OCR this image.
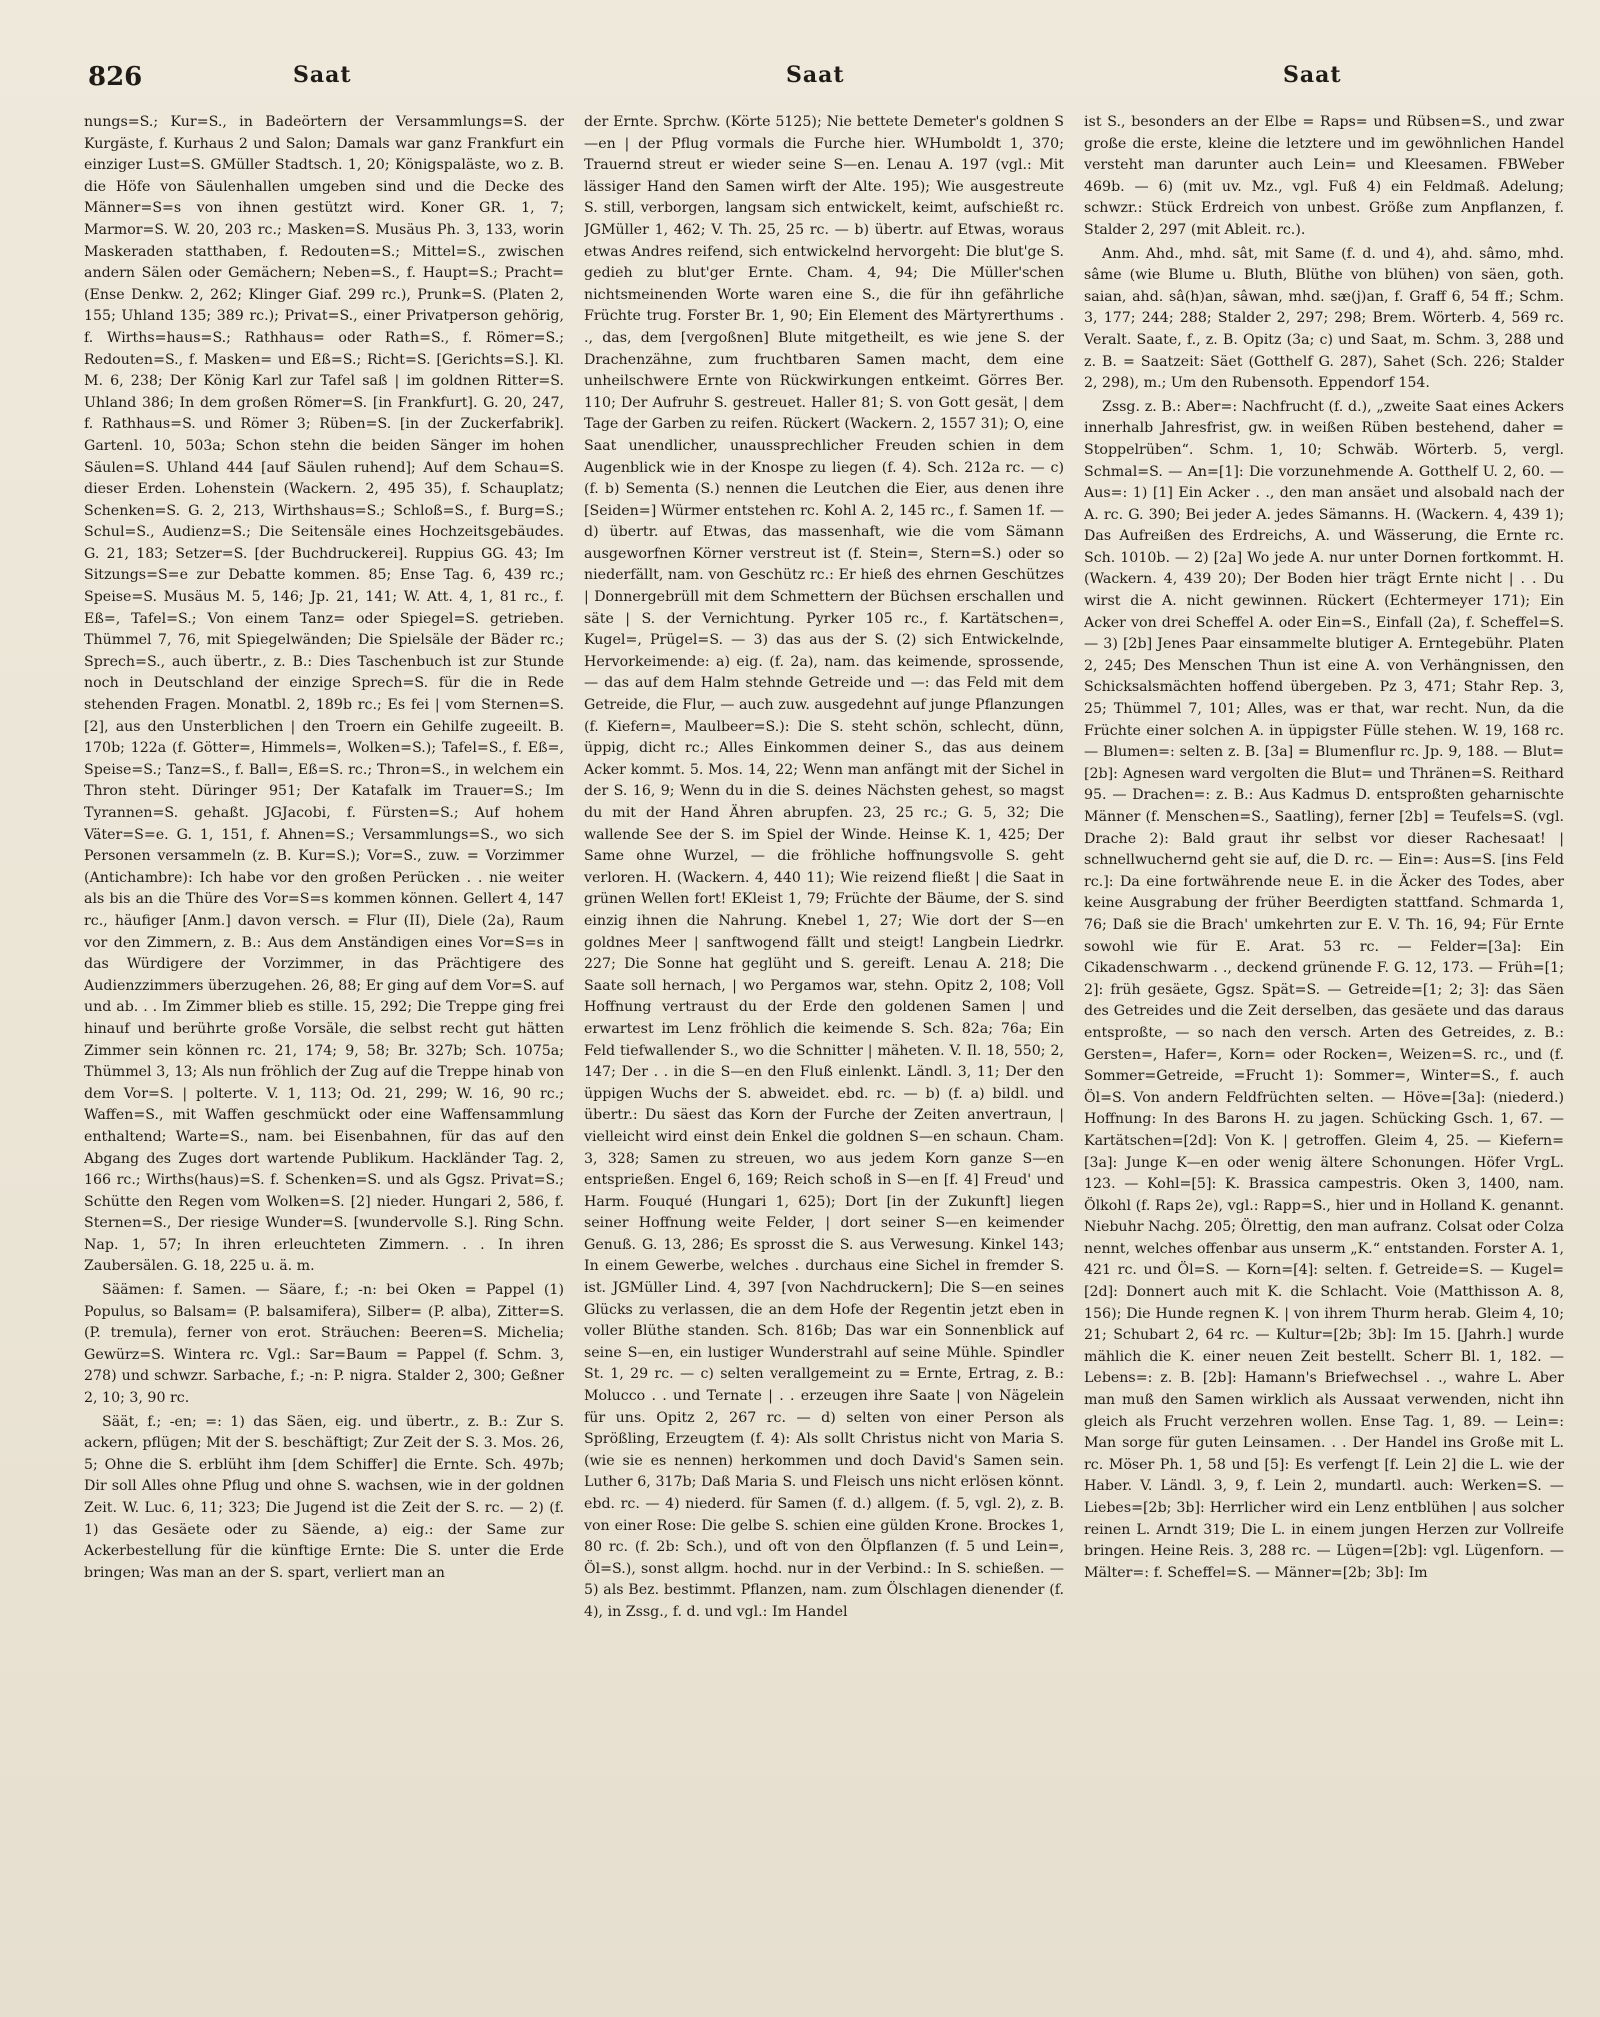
826	Saat	Saat	Saat

nungs=S.; Kur=S., in Badeörtern der Versammlungs=S. der Kurgäste, f. Kurhaus 2 und Salon; Damals war ganz Frankfurt ein einziger Lust=S. GMüller Stadtsch. 1, 20; Königspaläste, wo z. B. die Höfe von Säulenhallen umgeben sind und die Decke des Männer=S=s von ihnen gestützt wird. Koner GR. 1, 7; Marmor=S. W. 20, 203 rc.; Masken=S. Musäus Ph. 3, 133, worin Maskeraden statthaben, f. Redouten=S.; Mittel=S., zwischen andern Sälen oder Gemächern; Neben=S., f. Haupt=S.; Pracht=(Ense Denkw. 2, 262; Klinger Giaf. 299 rc.), Prunk=S. (Platen 2, 155; Uhland 135; 389 rc.); Privat=S., einer Privatperson gehörig, f. Wirths=haus=S.; Rathhaus= oder Rath=S., f. Römer=S.; Redouten=S., f. Masken= und Eß=S.; Richt=S. [Gerichts=S.]. Kl. M. 6, 238; Der König Karl zur Tafel saß | im goldnen Ritter=S. Uhland 386; In dem großen Römer=S. [in Frankfurt]. G. 20, 247, f. Rathhaus=S. und Römer 3; Rüben=S. [in der Zuckerfabrik]. Gartenl. 10, 503a; Schon stehn die beiden Sänger im hohen Säulen=S. Uhland 444 [auf Säulen ruhend]; Auf dem Schau=S. dieser Erden. Lohenstein (Wackern. 2, 495 35), f. Schauplatz; Schenken=S. G. 2, 213, Wirthshaus=S.; Schloß=S., f. Burg=S.; Schul=S., Audienz=S.; Die Seitensäle eines Hochzeitsgebäudes. G. 21, 183; Setzer=S. [der Buchdruckerei]. Ruppius GG. 43; Im Sitzungs=S=e zur Debatte kommen. 85; Ense Tag. 6, 439 rc.; Speise=S. Musäus M. 5, 146; Jp. 21, 141; W. Att. 4, 1, 81 rc., f. Eß=, Tafel=S.; Von einem Tanz= oder Spiegel=S. getrieben. Thümmel 7, 76, mit Spiegelwänden; Die Spielsäle der Bäder rc.; Sprech=S., auch übertr., z. B.: Dies Taschenbuch ist zur Stunde noch in Deutschland der einzige Sprech=S. für die in Rede stehenden Fragen. Monatbl. 2, 189b rc.; Es fei | vom Sternen=S. [2], aus den Unsterblichen | den Troern ein Gehilfe zugeeilt. B. 170b; 122a (f. Götter=, Himmels=, Wolken=S.); Tafel=S., f. Eß=, Speise=S.; Tanz=S., f. Ball=, Eß=S. rc.; Thron=S., in welchem ein Thron steht. Düringer 951; Der Katafalk im Trauer=S.; Im Tyrannen=S. gehaßt. JGJacobi, f. Fürsten=S.; Auf hohem Väter=S=e. G. 1, 151, f. Ahnen=S.; Versammlungs=S., wo sich Personen versammeln (z. B. Kur=S.); Vor=S., zuw. = Vorzimmer (Antichambre): Ich habe vor den großen Perücken . . nie weiter als bis an die Thüre des Vor=S=s kommen können. Gellert 4, 147 rc., häufiger [Anm.] davon versch. = Flur (II), Diele (2a), Raum vor den Zimmern, z. B.: Aus dem Anständigen eines Vor=S=s in das Würdigere der Vorzimmer, in das Prächtigere des Audienzzimmers überzugehen. 26, 88; Er ging auf dem Vor=S. auf und ab. . . Im Zimmer blieb es stille. 15, 292; Die Treppe ging frei hinauf und berührte große Vorsäle, die selbst recht gut hätten Zimmer sein können rc. 21, 174; 9, 58; Br. 327b; Sch. 1075a; Thümmel 3, 13; Als nun fröhlich der Zug auf die Treppe hinab von dem Vor=S. | polterte. V. 1, 113; Od. 21, 299; W. 16, 90 rc.; Waffen=S., mit Waffen geschmückt oder eine Waffensammlung enthaltend; Warte=S., nam. bei Eisenbahnen, für das auf den Abgang des Zuges dort wartende Publikum. Hackländer Tag. 2, 166 rc.; Wirths(haus)=S. f. Schenken=S. und als Ggsz. Privat=S.; Schütte den Regen vom Wolken=S. [2] nieder. Hungari 2, 586, f. Sternen=S., Der riesige Wunder=S. [wundervolle S.]. Ring Schn. Nap. 1, 57; In ihren erleuchteten Zimmern. . . In ihren Zaubersälen. G. 18, 225 u. ä. m.

Säämen: f. Samen. — Säare, f.; -n: bei Oken = Pappel (1) Populus, so Balsam= (P. balsamifera), Silber= (P. alba), Zitter=S. (P. tremula), ferner von erot. Sträuchen: Beeren=S. Michelia; Gewürz=S. Wintera rc. Vgl.: Sar=Baum = Pappel (f. Schm. 3, 278) und schwzr. Sarbache, f.; -n: P. nigra. Stalder 2, 300; Geßner 2, 10; 3, 90 rc.

Säät, f.; -en; =: 1) das Säen, eig. und übertr., z. B.: Zur S. ackern, pflügen; Mit der S. beschäftigt; Zur Zeit der S. 3. Mos. 26, 5; Ohne die S. erblüht ihm [dem Schiffer] die Ernte. Sch. 497b; Dir soll Alles ohne Pflug und ohne S. wachsen, wie in der goldnen Zeit. W. Luc. 6, 11; 323; Die Jugend ist die Zeit der S. rc. — 2) (f. 1) das Gesäete oder zu Säende, a) eig.: der Same zur Ackerbestellung für die künftige Ernte: Die S. unter die Erde bringen; Was man an der S. spart, verliert man an

der Ernte. Sprchw. (Körte 5125); Nie bettete Demeter's goldnen S—en | der Pflug vormals die Furche hier. WHumboldt 1, 370; Trauernd streut er wieder seine S—en. Lenau A. 197 (vgl.: Mit lässiger Hand den Samen wirft der Alte. 195); Wie ausgestreute S. still, verborgen, langsam sich entwickelt, keimt, aufschießt rc. JGMüller 1, 462; V. Th. 25, 25 rc. — b) übertr. auf Etwas, woraus etwas Andres reifend, sich entwickelnd hervorgeht: Die blut'ge S. gedieh zu blut'ger Ernte. Cham. 4, 94; Die Müller'schen nichtsmeinenden Worte waren eine S., die für ihn gefährliche Früchte trug. Forster Br. 1, 90; Ein Element des Märtyrerthums . ., das, dem [vergoßnen] Blute mitgetheilt, es wie jene S. der Drachenzähne, zum fruchtbaren Samen macht, dem eine unheilschwere Ernte von Rückwirkungen entkeimt. Görres Ber. 110; Der Aufruhr S. gestreuet. Haller 81; S. von Gott gesät, | dem Tage der Garben zu reifen. Rückert (Wackern. 2, 1557 31); O, eine Saat unendlicher, unaussprechlicher Freuden schien in dem Augenblick wie in der Knospe zu liegen (f. 4). Sch. 212a rc. — c) (f. b) Sementa (S.) nennen die Leutchen die Eier, aus denen ihre [Seiden=] Würmer entstehen rc. Kohl A. 2, 145 rc., f. Samen 1f. — d) übertr. auf Etwas, das massenhaft, wie die vom Sämann ausgeworfnen Körner verstreut ist (f. Stein=, Stern=S.) oder so niederfällt, nam. von Geschütz rc.: Er hieß des ehrnen Geschützes | Donnergebrüll mit dem Schmettern der Büchsen erschallen und säte | S. der Vernichtung. Pyrker 105 rc., f. Kartätschen=, Kugel=, Prügel=S. — 3) das aus der S. (2) sich Entwickelnde, Hervorkeimende: a) eig. (f. 2a), nam. das keimende, sprossende, — das auf dem Halm stehnde Getreide und —: das Feld mit dem Getreide, die Flur, — auch zuw. ausgedehnt auf junge Pflanzungen (f. Kiefern=, Maulbeer=S.): Die S. steht schön, schlecht, dünn, üppig, dicht rc.; Alles Einkommen deiner S., das aus deinem Acker kommt. 5. Mos. 14, 22; Wenn man anfängt mit der Sichel in der S. 16, 9; Wenn du in die S. deines Nächsten gehest, so magst du mit der Hand Ähren abrupfen. 23, 25 rc.; G. 5, 32; Die wallende See der S. im Spiel der Winde. Heinse K. 1, 425; Der Same ohne Wurzel, — die fröhliche hoffnungsvolle S. geht verloren. H. (Wackern. 4, 440 11); Wie reizend fließt | die Saat in grünen Wellen fort! EKleist 1, 79; Früchte der Bäume, der S. sind einzig ihnen die Nahrung. Knebel 1, 27; Wie dort der S—en goldnes Meer | sanftwogend fällt und steigt! Langbein Liedrkr. 227; Die Sonne hat geglüht und S. gereift. Lenau A. 218; Die Saate soll hernach, | wo Pergamos war, stehn. Opitz 2, 108; Voll Hoffnung vertraust du der Erde den goldenen Samen | und erwartest im Lenz fröhlich die keimende S. Sch. 82a; 76a; Ein Feld tiefwallender S., wo die Schnitter | mäheten. V. Il. 18, 550; 2, 147; Der . . in die S—en den Fluß einlenkt. Ländl. 3, 11; Der den üppigen Wuchs der S. abweidet. ebd. rc. — b) (f. a) bildl. und übertr.: Du säest das Korn der Furche der Zeiten anvertraun, | vielleicht wird einst dein Enkel die goldnen S—en schaun. Cham. 3, 328; Samen zu streuen, wo aus jedem Korn ganze S—en entsprießen. Engel 6, 169; Reich schoß in S—en [f. 4] Freud' und Harm. Fouqué (Hungari 1, 625); Dort [in der Zukunft] liegen seiner Hoffnung weite Felder, | dort seiner S—en keimender Genuß. G. 13, 286; Es sprosst die S. aus Verwesung. Kinkel 143; In einem Gewerbe, welches . durchaus eine Sichel in fremder S. ist. JGMüller Lind. 4, 397 [von Nachdruckern]; Die S—en seines Glücks zu verlassen, die an dem Hofe der Regentin jetzt eben in voller Blüthe standen. Sch. 816b; Das war ein Sonnenblick auf seine S—en, ein lustiger Wunderstrahl auf seine Mühle. Spindler St. 1, 29 rc. — c) selten verallgemeint zu = Ernte, Ertrag, z. B.: Molucco . . und Ternate | . . erzeugen ihre Saate | von Nägelein für uns. Opitz 2, 267 rc. — d) selten von einer Person als Sprößling, Erzeugtem (f. 4): Als sollt Christus nicht von Maria S. (wie sie es nennen) herkommen und doch David's Samen sein. Luther 6, 317b; Daß Maria S. und Fleisch uns nicht erlösen könnt. ebd. rc. — 4) niederd. für Samen (f. d.) allgem. (f. 5, vgl. 2), z. B. von einer Rose: Die gelbe S. schien eine gülden Krone. Brockes 1, 80 rc. (f. 2b: Sch.), und oft von den Ölpflanzen (f. 5 und Lein=, Öl=S.), sonst allgm. hochd. nur in der Verbind.: In S. schießen. — 5) als Bez. bestimmt. Pflanzen, nam. zum Ölschlagen dienender (f. 4), in Zssg., f. d. und vgl.: Im Handel

ist S., besonders an der Elbe = Raps= und Rübsen=S., und zwar große die erste, kleine die letztere und im gewöhnlichen Handel versteht man darunter auch Lein= und Kleesamen. FBWeber 469b. — 6) (mit uv. Mz., vgl. Fuß 4) ein Feldmaß. Adelung; schwzr.: Stück Erdreich von unbest. Größe zum Anpflanzen, f. Stalder 2, 297 (mit Ableit. rc.).

Anm. Ahd., mhd. sât, mit Same (f. d. und 4), ahd. sâmo, mhd. sâme (wie Blume u. Bluth, Blüthe von blühen) von säen, goth. saian, ahd. sâ(h)an, sâwan, mhd. sæ(j)an, f. Graff 6, 54 ff.; Schm. 3, 177; 244; 288; Stalder 2, 297; 298; Brem. Wörterb. 4, 569 rc. Veralt. Saate, f., z. B. Opitz (3a; c) und Saat, m. Schm. 3, 288 und z. B. = Saatzeit: Säet (Gotthelf G. 287), Sahet (Sch. 226; Stalder 2, 298), m.; Um den Rubensoth. Eppendorf 154.

Zssg. z. B.: Aber=: Nachfrucht (f. d.), „zweite Saat eines Ackers innerhalb Jahresfrist, gw. in weißen Rüben bestehend, daher = Stoppelrüben“. Schm. 1, 10; Schwäb. Wörterb. 5, vergl. Schmal=S. — An=[1]: Die vorzunehmende A. Gotthelf U. 2, 60. — Aus=: 1) [1] Ein Acker . ., den man ansäet und alsobald nach der A. rc. G. 390; Bei jeder A. jedes Sämanns. H. (Wackern. 4, 439 1); Das Aufreißen des Erdreichs, A. und Wässerung, die Ernte rc. Sch. 1010b. — 2) [2a] Wo jede A. nur unter Dornen fortkommt. H. (Wackern. 4, 439 20); Der Boden hier trägt Ernte nicht | . . Du wirst die A. nicht gewinnen. Rückert (Echtermeyer 171); Ein Acker von drei Scheffel A. oder Ein=S., Einfall (2a), f. Scheffel=S. — 3) [2b] Jenes Paar einsammelte blutiger A. Erntegebühr. Platen 2, 245; Des Menschen Thun ist eine A. von Verhängnissen, den Schicksalsmächten hoffend übergeben. Pz 3, 471; Stahr Rep. 3, 25; Thümmel 7, 101; Alles, was er that, war recht. Nun, da die Früchte einer solchen A. in üppigster Fülle stehen. W. 19, 168 rc. — Blumen=: selten z. B. [3a] = Blumenflur rc. Jp. 9, 188. — Blut=[2b]: Agnesen ward vergolten die Blut= und Thränen=S. Reithard 95. — Drachen=: z. B.: Aus Kadmus D. entsproßten geharnischte Männer (f. Menschen=S., Saatling), ferner [2b] = Teufels=S. (vgl. Drache 2): Bald graut ihr selbst vor dieser Rachesaat! | schnellwuchernd geht sie auf, die D. rc. — Ein=: Aus=S. [ins Feld rc.]: Da eine fortwährende neue E. in die Äcker des Todes, aber keine Ausgrabung der früher Beerdigten stattfand. Schmarda 1, 76; Daß sie die Brach' umkehrten zur E. V. Th. 16, 94; Für Ernte sowohl wie für E. Arat. 53 rc. — Felder=[3a]: Ein Cikadenschwarm . ., deckend grünende F. G. 12, 173. — Früh=[1; 2]: früh gesäete, Ggsz. Spät=S. — Getreide=[1; 2; 3]: das Säen des Getreides und die Zeit derselben, das gesäete und das daraus entsproßte, — so nach den versch. Arten des Getreides, z. B.: Gersten=, Hafer=, Korn= oder Rocken=, Weizen=S. rc., und (f. Sommer=Getreide, =Frucht 1): Sommer=, Winter=S., f. auch Öl=S. Von andern Feldfrüchten selten. — Höve=[3a]: (niederd.) Hoffnung: In des Barons H. zu jagen. Schücking Gsch. 1, 67. — Kartätschen=[2d]: Von K. | getroffen. Gleim 4, 25. — Kiefern=[3a]: Junge K—en oder wenig ältere Schonungen. Höfer VrgL. 123. — Kohl=[5]: K. Brassica campestris. Oken 3, 1400, nam. Ölkohl (f. Raps 2e), vgl.: Rapp=S., hier und in Holland K. genannt. Niebuhr Nachg. 205; Ölrettig, den man aufranz. Colsat oder Colza nennt, welches offenbar aus unserm „K.“ entstanden. Forster A. 1, 421 rc. und Öl=S. — Korn=[4]: selten. f. Getreide=S. — Kugel=[2d]: Donnert auch mit K. die Schlacht. Voie (Matthisson A. 8, 156); Die Hunde regnen K. | von ihrem Thurm herab. Gleim 4, 10; 21; Schubart 2, 64 rc. — Kultur=[2b; 3b]: Im 15. [Jahrh.] wurde mählich die K. einer neuen Zeit bestellt. Scherr Bl. 1, 182. — Lebens=: z. B. [2b]: Hamann's Briefwechsel . ., wahre L. Aber man muß den Samen wirklich als Aussaat verwenden, nicht ihn gleich als Frucht verzehren wollen. Ense Tag. 1, 89. — Lein=: Man sorge für guten Leinsamen. . . Der Handel ins Große mit L. rc. Möser Ph. 1, 58 und [5]: Es verfengt [f. Lein 2] die L. wie der Haber. V. Ländl. 3, 9, f. Lein 2, mundartl. auch: Werken=S. — Liebes=[2b; 3b]: Herrlicher wird ein Lenz entblühen | aus solcher reinen L. Arndt 319; Die L. in einem jungen Herzen zur Vollreife bringen. Heine Reis. 3, 288 rc. — Lügen=[2b]: vgl. Lügenforn. — Mälter=: f. Scheffel=S. — Männer=[2b; 3b]: Im
